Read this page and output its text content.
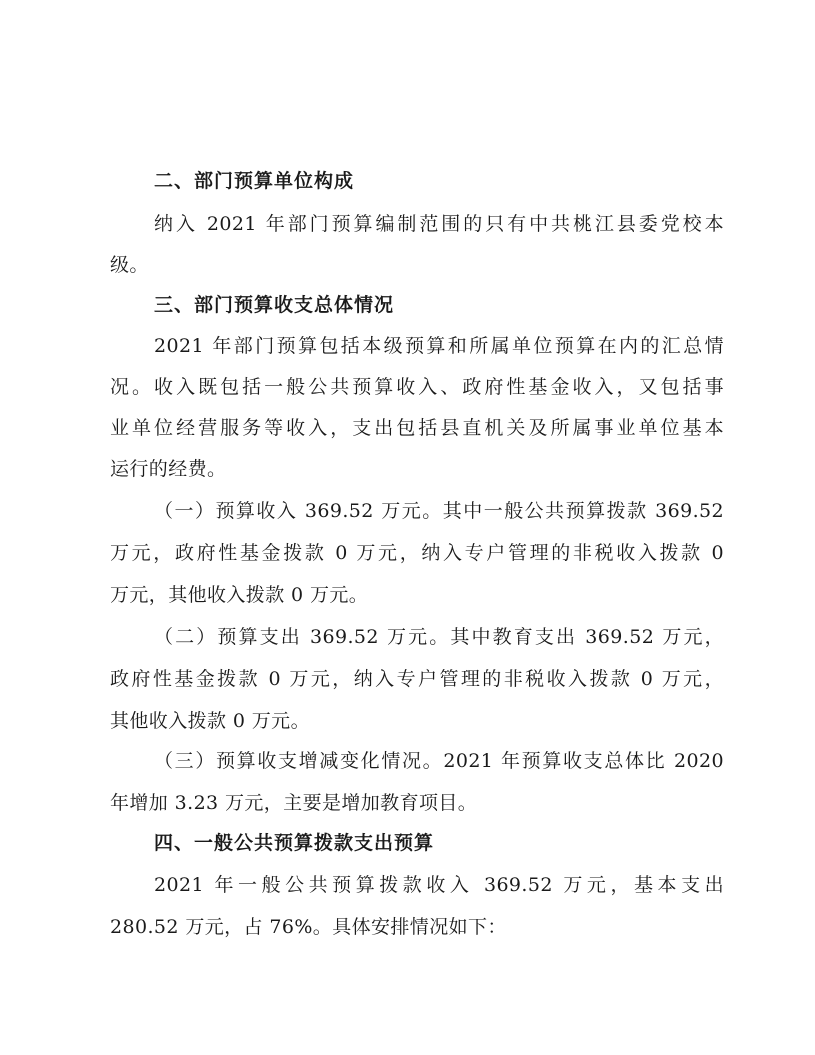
二、部门预算单位构成
纳入 2021 年部门预算编制范围的只有中共桃江县委党校本
级。
三、部门预算收支总体情况
2021 年部门预算包括本级预算和所属单位预算在内的汇总情
况。收入既包括一般公共预算收入、政府性基金收入，又包括事
业单位经营服务等收入，支出包括县直机关及所属事业单位基本
运行的经费。
（一）预算收入 369.52 万元。其中一般公共预算拨款 369.52
万元，政府性基金拨款 0 万元，纳入专户管理的非税收入拨款 0
万元，其他收入拨款 0 万元。
（二）预算支出 369.52 万元。其中教育支出 369.52 万元，
政府性基金拨款 0 万元，纳入专户管理的非税收入拨款 0 万元，
其他收入拨款 0 万元。
（三）预算收支增减变化情况。2021 年预算收支总体比 2020
年增加 3.23 万元，主要是增加教育项目。
四、一般公共预算拨款支出预算
2021 年一般公共预算拨款收入 369.52 万元，基本支出
280.52 万元，占 76%。具体安排情况如下：
